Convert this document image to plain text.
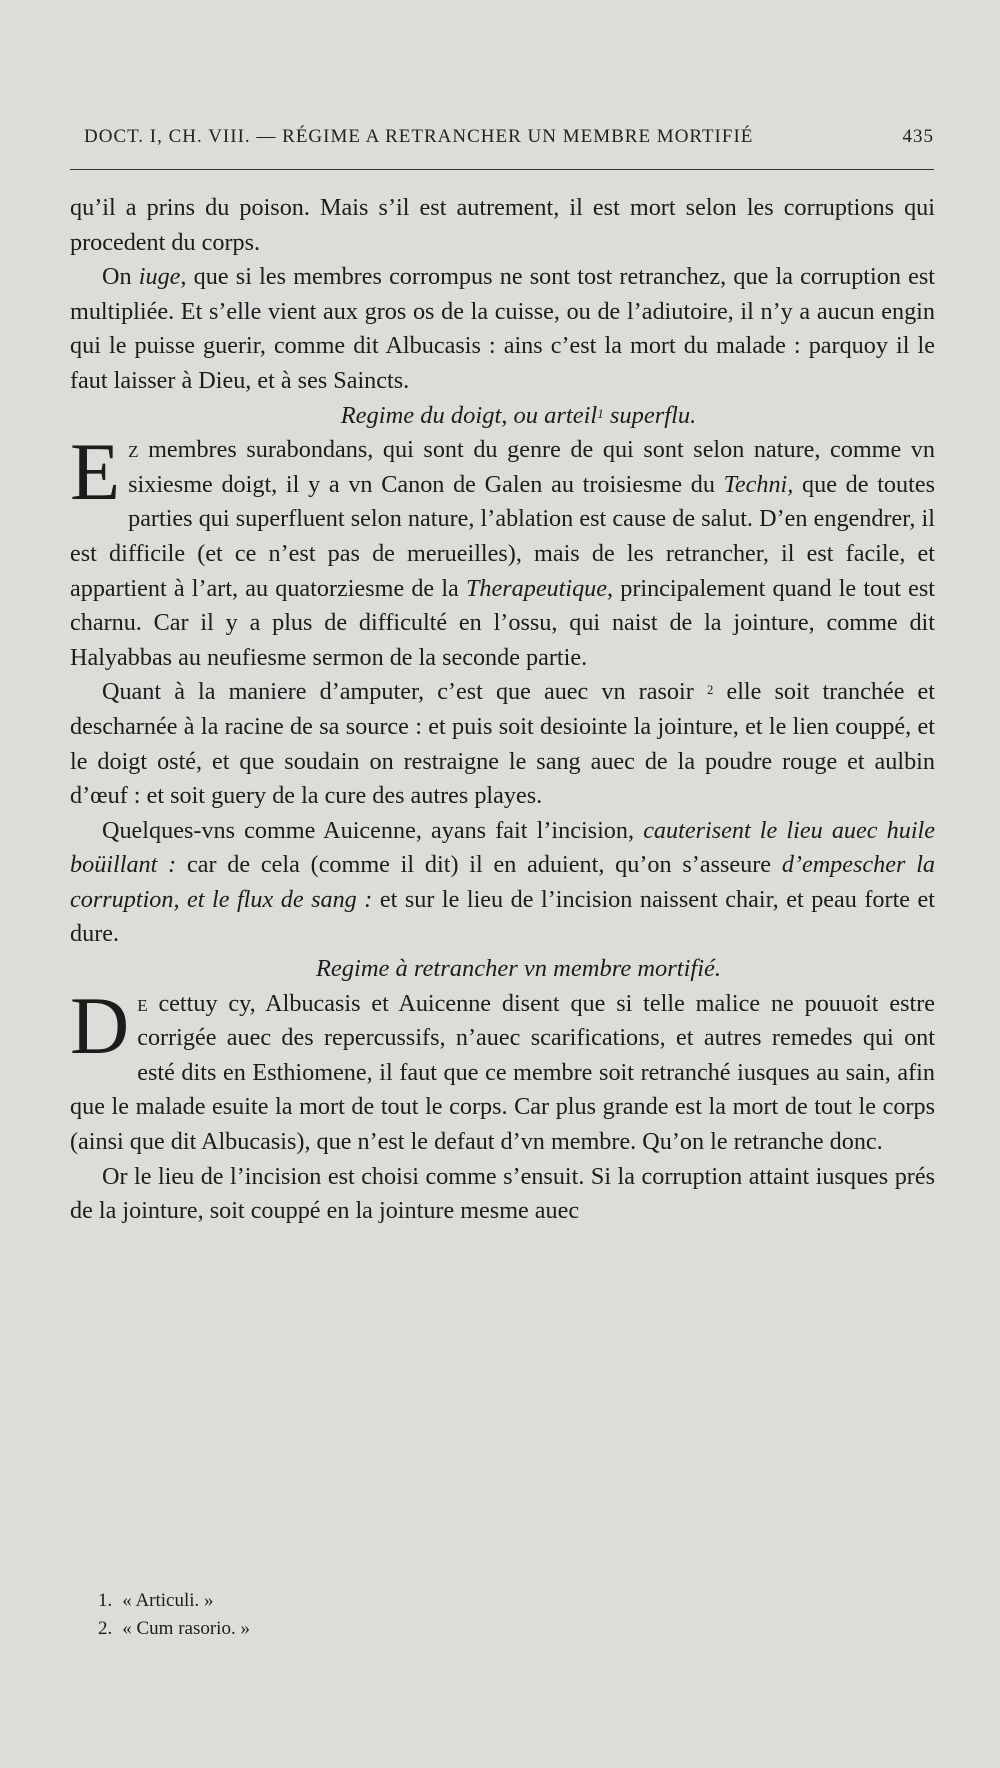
DOCT. I, CH. VIII. — RÉGIME A RETRANCHER UN MEMBRE MORTIFIÉ	435

qu’il a prins du poison. Mais s’il est autrement, il est mort selon les corruptions qui procedent du corps.

On iuge, que si les membres corrompus ne sont tost retranchez, que la corruption est multipliée. Et s’elle vient aux gros os de la cuisse, ou de l’adiutoire, il n’y a aucun engin qui le puisse guerir, comme dit Albucasis : ains c’est la mort du malade : parquoy il le faut laisser à Dieu, et à ses Saincts.

Regime du doigt, ou arteil$^1$ superflu.

Ez membres surabondans, qui sont du genre de qui sont selon nature, comme vn sixiesme doigt, il y a vn Canon de Galen au troisiesme du Techni, que de toutes parties qui superfluent selon nature, l’ablation est cause de salut. D’en engendrer, il est difficile (et ce n’est pas de merueilles), mais de les retrancher, il est facile, et appartient à l’art, au quatorziesme de la Therapeutique, principalement quand le tout est charnu. Car il y a plus de difficulté en l’ossu, qui naist de la jointure, comme dit Halyabbas au neufiesme sermon de la seconde partie.

Quant à la maniere d’amputer, c’est que auec vn rasoir $^2$ elle soit tranchée et descharnée à la racine de sa source : et puis soit desiointe la jointure, et le lien couppé, et le doigt osté, et que soudain on restraigne le sang auec de la poudre rouge et aulbin d’œuf : et soit guery de la cure des autres playes.

Quelques-vns comme Auicenne, ayans fait l’incision, cauterisent le lieu auec huile boüillant : car de cela (comme il dit) il en aduient, qu’on s’asseure d’empescher la corruption, et le flux de sang : et sur le lieu de l’incision naissent chair, et peau forte et dure.

Regime à retrancher vn membre mortifié.

De cettuy cy, Albucasis et Auicenne disent que si telle malice ne pouuoit estre corrigée auec des repercussifs, n’auec scarifications, et autres remedes qui ont esté dits en Esthiomene, il faut que ce membre soit retranché iusques au sain, afin que le malade esuite la mort de tout le corps. Car plus grande est la mort de tout le corps (ainsi que dit Albucasis), que n’est le defaut d’vn membre. Qu’on le retranche donc.

Or le lieu de l’incision est choisi comme s’ensuit. Si la corruption attaint iusques prés de la jointure, soit couppé en la jointure mesme auec

1. « Articuli. »
2. « Cum rasorio. »
